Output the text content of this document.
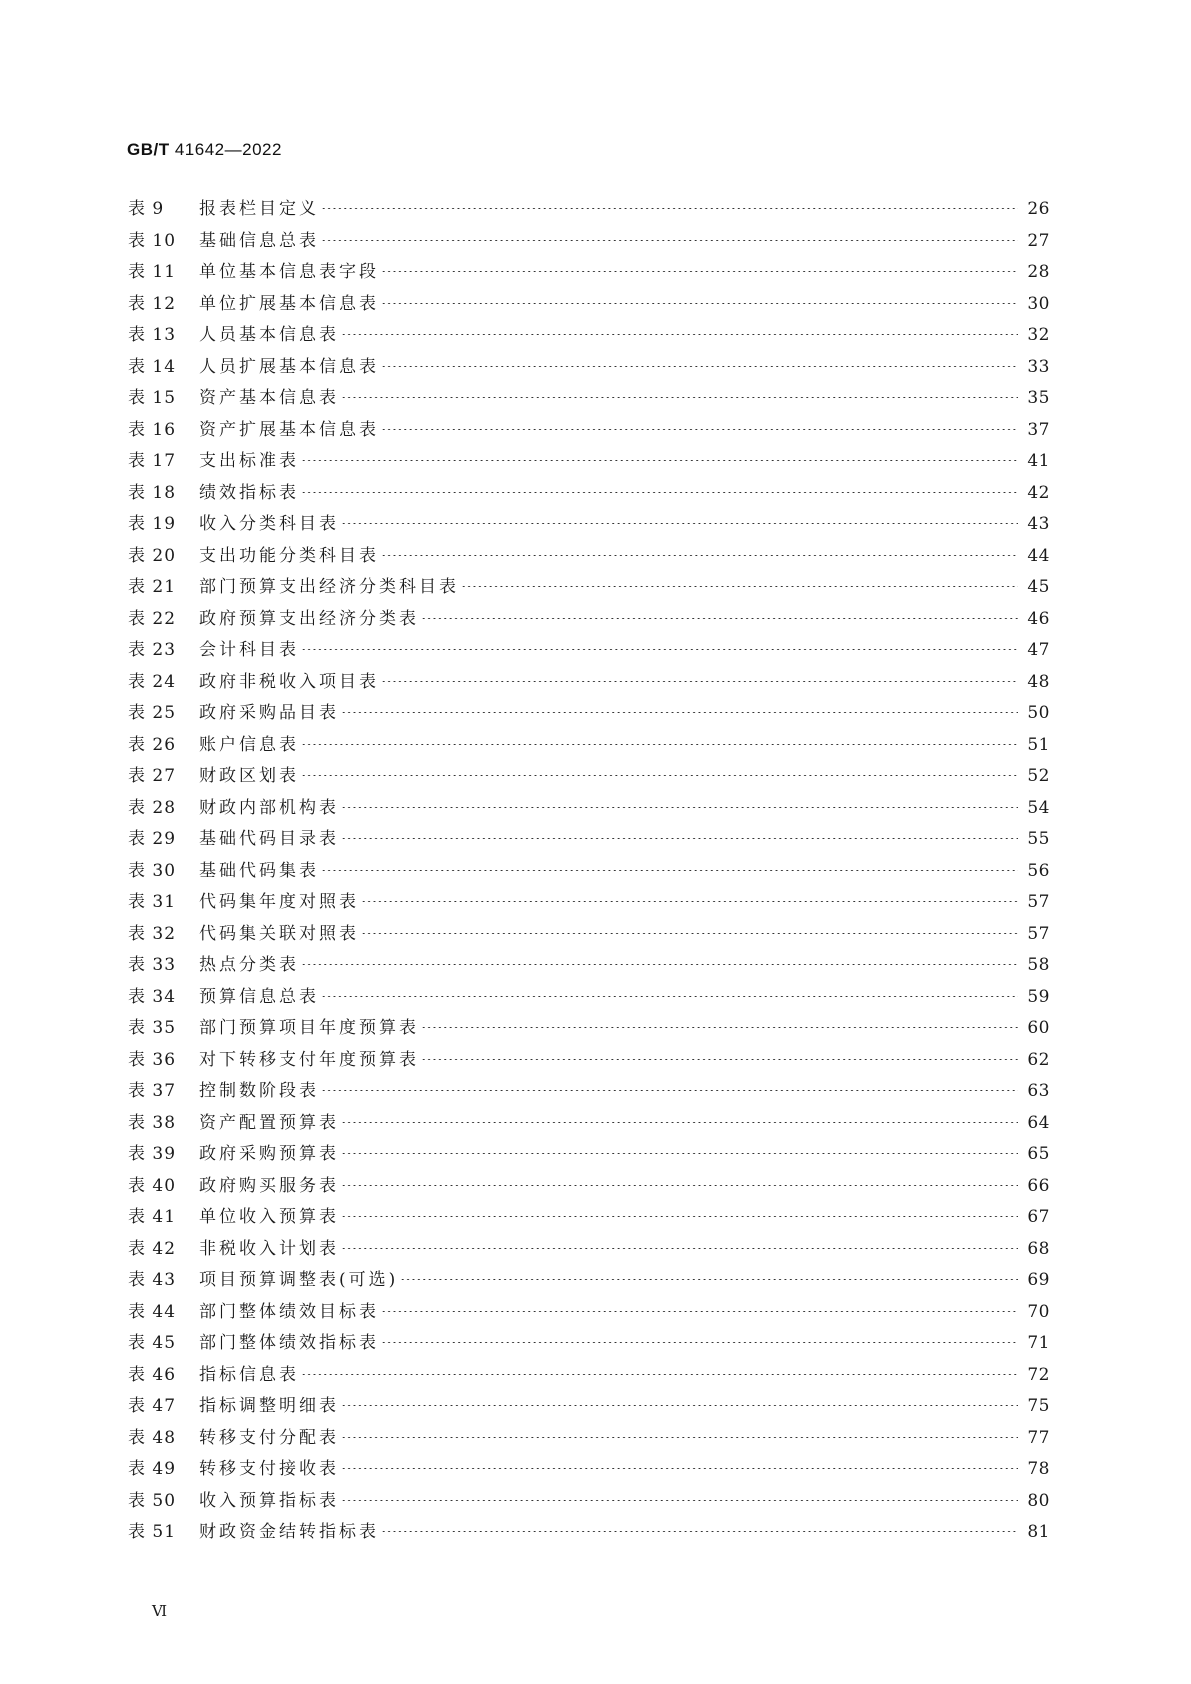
GB/T 41642—2022
表 9	报表栏目定义	26
表 10	基础信息总表	27
表 11	单位基本信息表字段	28
表 12	单位扩展基本信息表	30
表 13	人员基本信息表	32
表 14	人员扩展基本信息表	33
表 15	资产基本信息表	35
表 16	资产扩展基本信息表	37
表 17	支出标准表	41
表 18	绩效指标表	42
表 19	收入分类科目表	43
表 20	支出功能分类科目表	44
表 21	部门预算支出经济分类科目表	45
表 22	政府预算支出经济分类表	46
表 23	会计科目表	47
表 24	政府非税收入项目表	48
表 25	政府采购品目表	50
表 26	账户信息表	51
表 27	财政区划表	52
表 28	财政内部机构表	54
表 29	基础代码目录表	55
表 30	基础代码集表	56
表 31	代码集年度对照表	57
表 32	代码集关联对照表	57
表 33	热点分类表	58
表 34	预算信息总表	59
表 35	部门预算项目年度预算表	60
表 36	对下转移支付年度预算表	62
表 37	控制数阶段表	63
表 38	资产配置预算表	64
表 39	政府采购预算表	65
表 40	政府购买服务表	66
表 41	单位收入预算表	67
表 42	非税收入计划表	68
表 43	项目预算调整表(可选)	69
表 44	部门整体绩效目标表	70
表 45	部门整体绩效指标表	71
表 46	指标信息表	72
表 47	指标调整明细表	75
表 48	转移支付分配表	77
表 49	转移支付接收表	78
表 50	收入预算指标表	80
表 51	财政资金结转指标表	81
Ⅵ
